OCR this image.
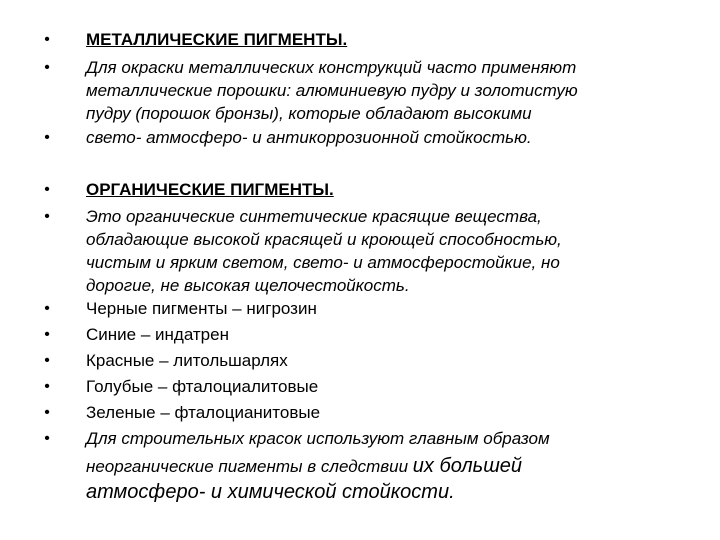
• МЕТАЛЛИЧЕСКИЕ ПИГМЕНТЫ.

• Для окраски металлических конструкций часто применяют

металлические порошки: алюминиевую пудру и золотистую

пудру (порошок бронзы), которые обладают высокими

• свето- атмосферо- и антикоррозионной стойкостью.

• ОРГАНИЧЕСКИЕ ПИГМЕНТЫ.

• Это органические синтетические красящие вещества,

обладающие высокой красящей и кроющей способностью,

чистым и ярким светом, свето- и атмосферостойкие, но

дорогие, не высокая щелочестойкость.

• Черные пигменты – нигрозин

• Синие – индатрен

• Красные – литольшарлях

• Голубые – фталоциалитовые

• Зеленые – фталоцианитовые

• Для строительных красок используют главным образом

неорганические пигменты в следствии их большей

атмосферо- и химической стойкости.
